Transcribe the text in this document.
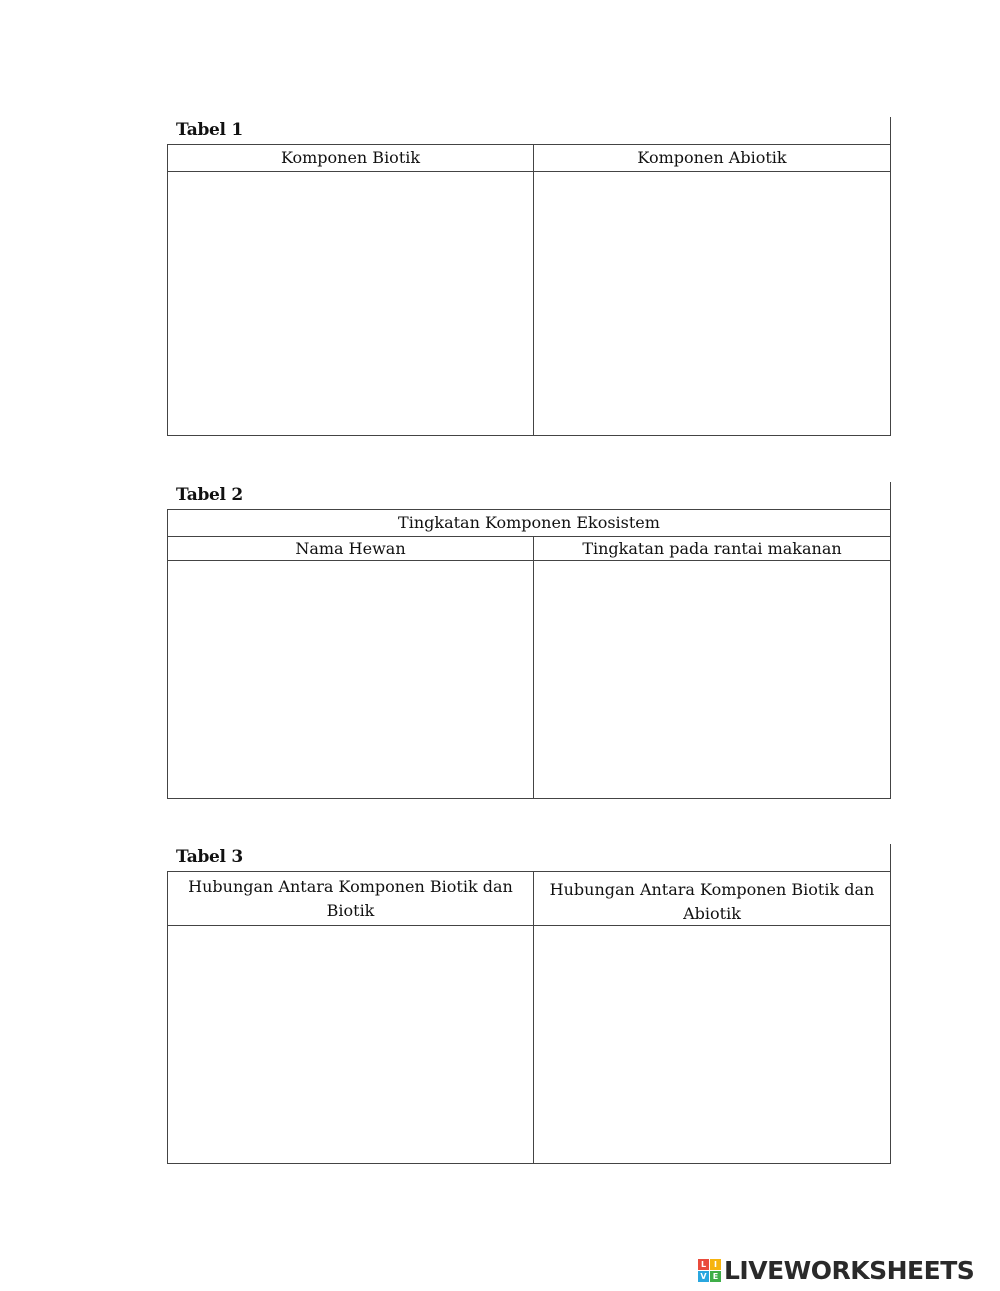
Tabel 1
Komponen Biotik	Komponen Abiotik
Tabel 2
Tingkatan Komponen Ekosistem
Nama Hewan	Tingkatan pada rantai makanan
Tabel 3
Hubungan Antara Komponen Biotik dan Biotik
Hubungan Antara Komponen Biotik dan Abiotik
L I
V E LIVEWORKSHEETS
